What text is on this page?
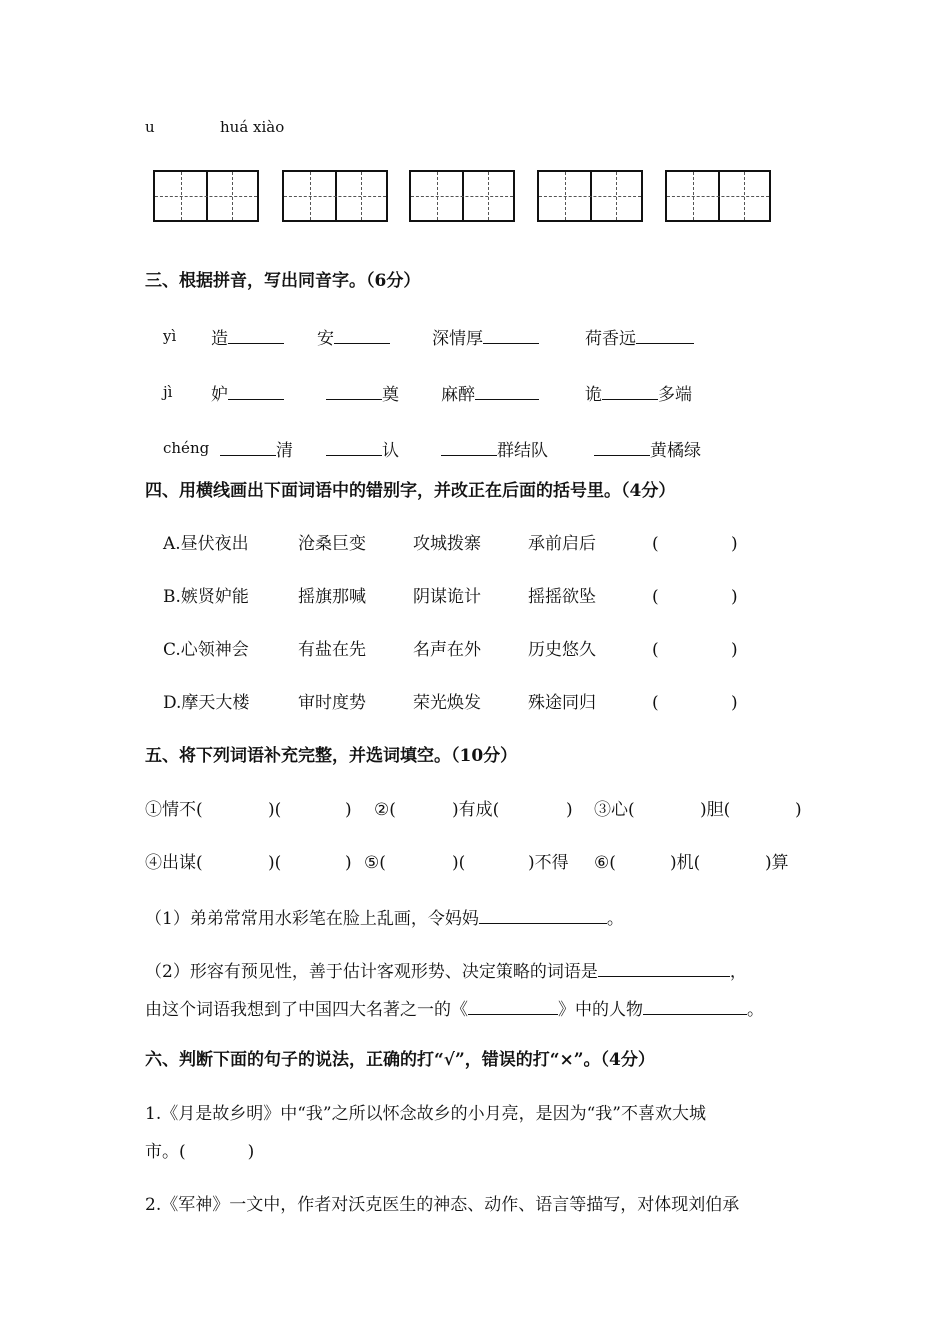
u	huá xiào
三、根据拼音，写出同音字。（6分）
yì 造	安	深情厚	荷香远
jì 妒	奠 麻醉	诡	多端
chéng	清	认	群结队	黄橘绿
四、用横线画出下面词语中的错别字，并改正在后面的括号里。（4分）
A.昼伏夜出	沧桑巨变	攻城拨寨	承前启后	(	)
B.嫉贤妒能	摇旗那喊	阴谋诡计	摇摇欲坠	(	)
C.心领神会	有盐在先	名声在外	历史悠久	(	)
D.摩天大楼	审时度势	荣光焕发	殊途同归	(	)
五、将下列词语补充完整，并选词填空。（10分）
①情不(	)(	) ②(	)有成(	) ③心(	)胆(	)
④出谋(	)(	) ⑤(	)(	)不得 ⑥(	)机(	)算
（1）弟弟常常用水彩笔在脸上乱画，令妈妈	。
（2）形容有预见性，善于估计客观形势、决定策略的词语是	，
由这个词语我想到了中国四大名著之一的《	》中的人物	。
六、判断下面的句子的说法，正确的打“√”，错误的打“×”。（4分）
1.《月是故乡明》中“我”之所以怀念故乡的小月亮，是因为“我”不喜欢大城
市。(	)
2.《军神》一文中，作者对沃克医生的神态、动作、语言等描写，对体现刘伯承
